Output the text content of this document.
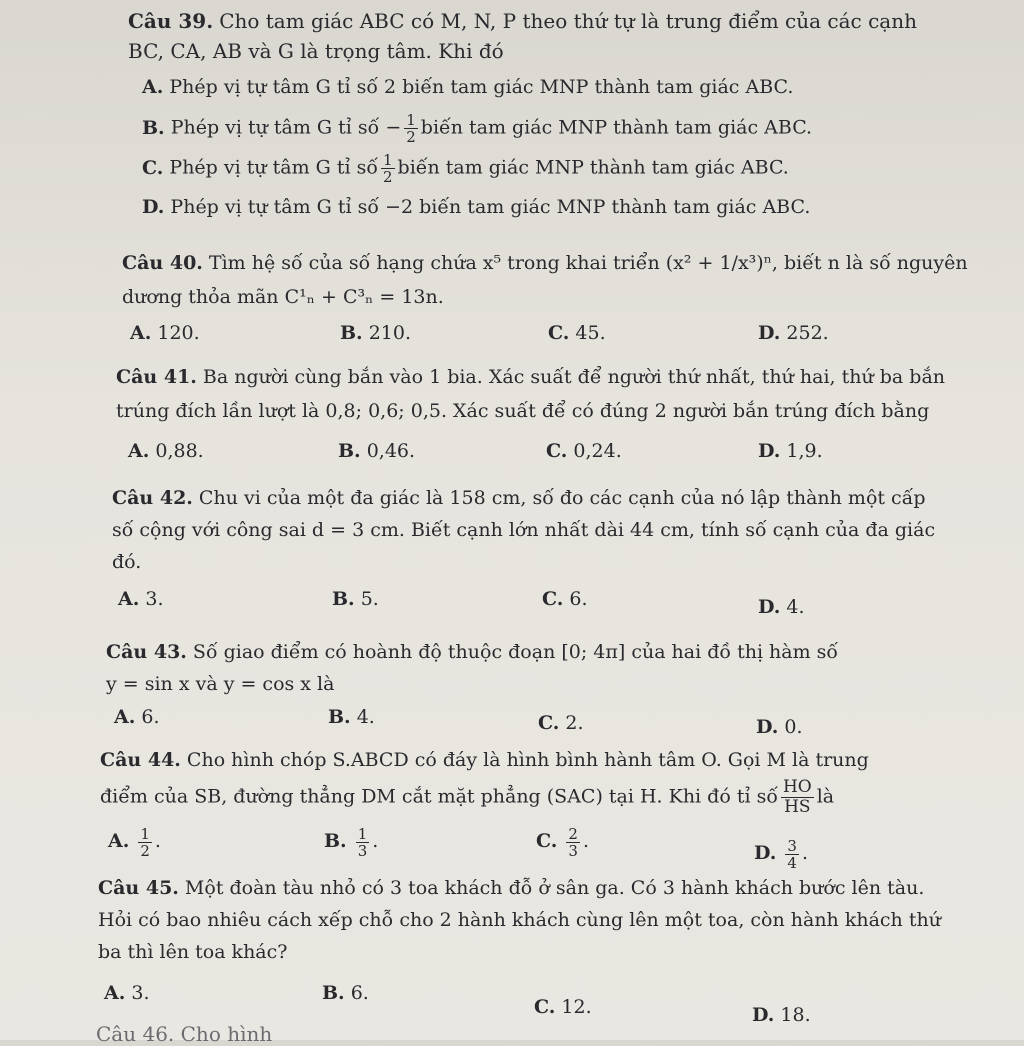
Câu 39. Cho tam giác ABC có M, N, P theo thứ tự là trung điểm của các cạnh
BC, CA, AB và G là trọng tâm. Khi đó
A. Phép vị tự tâm G tỉ số 2 biến tam giác MNP thành tam giác ABC.
B. Phép vị tự tâm G tỉ số − $\frac{1}{2}$ biến tam giác MNP thành tam giác ABC.
C. Phép vị tự tâm G tỉ số $\frac{1}{2}$ biến tam giác MNP thành tam giác ABC.
D. Phép vị tự tâm G tỉ số −2 biến tam giác MNP thành tam giác ABC.
Câu 40. Tìm hệ số của số hạng chứa x⁵ trong khai triển (x² + 1/x³)ⁿ, biết n là số nguyên
dương thỏa mãn C¹ₙ + C³ₙ = 13n.
A. 120.	B. 210.	C. 45.	D. 252.
Câu 41. Ba người cùng bắn vào 1 bia. Xác suất để người thứ nhất, thứ hai, thứ ba bắn
trúng đích lần lượt là 0,8; 0,6; 0,5. Xác suất để có đúng 2 người bắn trúng đích bằng
A. 0,88.	B. 0,46.	C. 0,24.	D. 1,9.
Câu 42. Chu vi của một đa giác là 158 cm, số đo các cạnh của nó lập thành một cấp
số cộng với công sai d = 3 cm. Biết cạnh lớn nhất dài 44 cm, tính số cạnh của đa giác
đó.
A. 3.	B. 5.	C. 6.	D. 4.
Câu 43. Số giao điểm có hoành độ thuộc đoạn [0; 4π] của hai đồ thị hàm số
y = sin x và y = cos x là
A. 6.	B. 4.	C. 2.	D. 0.
Câu 44. Cho hình chóp S.ABCD có đáy là hình bình hành tâm O. Gọi M là trung
điểm của SB, đường thẳng DM cắt mặt phẳng (SAC) tại H. Khi đó tỉ số $\frac{HO}{HS}$ là
A. $\frac{1}{2}$ .	B. $\frac{1}{3}$ .	C. $\frac{2}{3}$ .
D. $\frac{3}{4}$ .
Câu 45. Một đoàn tàu nhỏ có 3 toa khách đỗ ở sân ga. Có 3 hành khách bước lên tàu.
Hỏi có bao nhiêu cách xếp chỗ cho 2 hành khách cùng lên một toa, còn hành khách thứ
ba thì lên toa khác?
A. 3.	B. 6.
C. 12.	D. 18.
Câu 46. Cho hình
